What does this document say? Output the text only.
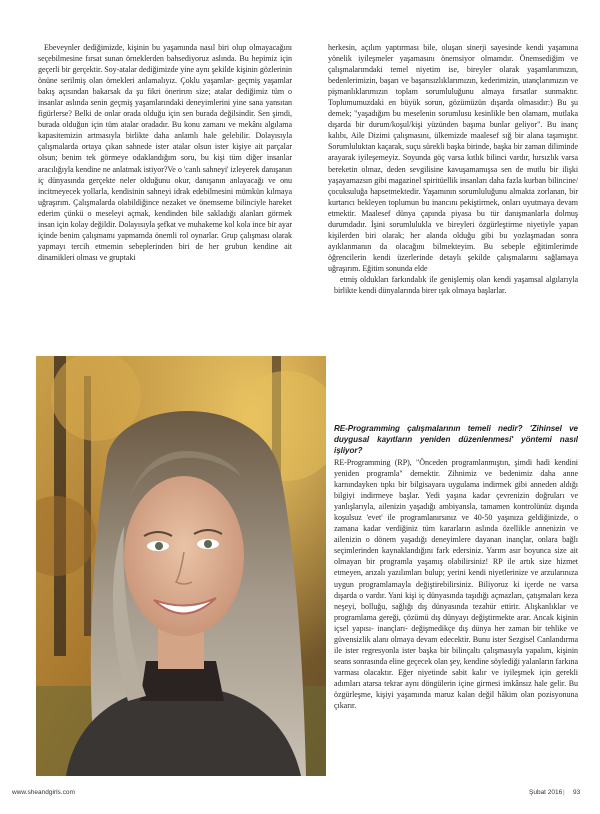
Ebeveynler dediğimizde, kişinin bu yaşamında nasıl biri olup olmayacağını seçebilmesine fırsat sunan örneklerden bahsediyoruz aslında. Bu hepimiz için geçerli bir gerçektir. Soy-atalar dediğimizde yine aynı şekilde kişinin gözlerinin önüne serilmiş olan örnekleri anlamalıyız. Çoklu yaşamlar- geçmiş yaşamlar bakış açısından bakarsak da şu fikri önerirım size; atalar dediğimiz tüm o insanlar aslında senin geçmiş yaşamlarındaki deneyimlerini yine sana yansıtan figürlerse? Belki de onlar orada olduğu için sen burada değilsindir. Sen şimdi, burada olduğun için tüm atalar oradadır. Bu konu zamanı ve mekânı algılama kapasitemizin artmasıyla birlikte daha anlamlı hale gelebilir. Dolayısıyla çalışmalarda ortaya çıkan sahnede ister atalar olsun ister kişiye ait parçalar olsun; benim tek görmeye odaklandığım soru, bu kişi tüm diğer insanlar aracılığıyla kendine ne anlatmak istiyor?Ve o 'canlı sahneyi' izleyerek danışanın iç dünyasında gerçekte neler olduğunu okur, danışanın anlayacağı ve onu incitmeyecek yollarla, kendisinin sahneyi idrak edebilmesini mümkün kılmaya uğraşırım. Çalışmalarda olabildiğince nezaket ve önemseme bilinciyle hareket ederim çünkü o meseleyi açmak, kendinden bile sakladığı alanları görmek insan için kolay değildir. Dolayısıyla şefkat ve muhakeme kol kola ince bir ayar içinde benim çalışmamı yapmamda önemli rol oynarlar. Grup çalışması olarak yapmayı tercih etmemin sebeplerinden biri de her grubun kendine ait dinamikleri olması ve gruptaki

herkesin, açılım yaptırması bile, oluşan sinerji sayesinde kendi yaşamına yönelik iyileşmeler yaşamasını önemsiyor olmamdır. Önemsediğim ve çalışmalarımdaki temel niyetim ise, bireyler olarak yaşamlarımızın, bedenlerimizin, başarı ve başarısızlıklarımızın, kederimizin, utançlarımızın ve pişmanlıklarımızın toplam sorumluluğunu almaya fırsatlar sunmaktır. Toplumumuzdaki en büyük sorun, gözümüzün dışarda olmasıdır:) Bu şu demek; "yaşadığım bu meselenin sorumlusu kesinlikle ben olamam, mutlaka dışarda bir durum/koşul/kişi yüzünden başıma bunlar geliyor". Bu inanç kalıbı, Aile Dizimi çalışmasını, ülkemizde maalesef sığ bir alana taşımıştır. Sorumluluktan kaçarak, suçu sürekli başka birinde, başka bir zaman diliminde arayarak iyileşemeyiz. Soyunda göç varsa kıtlık bilinci vardır, hırsızlık varsa bereketin olmaz, deden sevgilisine kavuşamamışsa sen de mutlu bir ilişki yaşayamazsın gibi magazinel spiritüellik insanları daha fazla kurban bilincine/çocuksuluğa hapsetmektedir. Yaşamının sorumluluğunu almakta zorlanan, bir kurtarıcı bekleyen toplumun bu inancını pekiştirmek, onları uyutmaya devam etmektir. Maalesef dünya çapında piyasa bu tür danışmanlarla dolmuş durumdadır. İşini sorumlulukla ve bireyleri özgürleştirme niyetiyle yapan kişilerden biri olarak; her alanda olduğu gibi bu yozlaşmadan sonra ayıklanmanın da olacağını bilmekteyim. Bu sebeple eğitimlerimde öğrencilerin kendi üzerlerinde detaylı şekilde çalışmalarını sağlamaya uğraşırım. Eğitim sonunda elde

etmiş oldukları farkındalık ile genişlemiş olan kendi yaşamsal algılarıyla birlikte kendi dünyalarında birer ışık olmaya başlarlar.

RE-Programming çalışmalarının temeli nedir? 'Zihinsel ve duygusal kayıtların yeniden düzenlenmesi' yöntemi nasıl işliyor?

RE-Programming (RP), "Önceden programlanmıştın, şimdi hadi kendini yeniden programla" demektir. Zihnimiz ve bedenimiz daha anne karnındayken tıpkı bir bilgisayara uygulama indirmek gibi anneden aldığı bilgiyi indirmeye başlar. Yedi yaşına kadar çevrenizin doğruları ve yanlışlarıyla, ailenizin yaşadığı ambiyansla, tamamen kontrolünüz dışında koşulsuz 'evet' ile programlanırsınız ve 40-50 yaşınıza geldiğinizde, o zamana kadar verdiğiniz tüm kararların aslında özellikle annenizin ve ailenizin o dönem yaşadığı deneyimlere dayanan inançlar, onlara bağlı seçimlerinden kaynaklandığını fark edersiniz. Yarım asır boyunca size ait olmayan bir programla yaşamış olabilirsiniz! RP ile artık size hizmet etmeyen, arızalı yazılımları bulup; yerini kendi niyetlerinize ve arzularınıza uygun programlamayla değiştirebilirsiniz. Biliyoruz ki içerde ne varsa dışarda o vardır. Yani kişi iç dünyasında taşıdığı açmazları, çatışmaları keza neşeyi, bolluğu, sağlığı dış dünyasında tezahür ettirir. Alışkanlıklar ve programlama gereği, çözümü dış dünyayı değiştirmekte arar. Ancak kişinin içsel yapısı- inançları- değişmedikçe dış dünya her zaman bir tehlike ve güvensizlik alanı olmaya devam edecektir. Bunu ister Sezgisel Canlandırma ile ister regresyonla ister başka bir bilinçaltı çalışmasıyla yapalım, kişinin seans sonrasında eline geçecek olan şey, kendine söylediği yalanların farkına varması olacaktır. Eğer niyetinde sabit kalır ve iyileşmek için gerekli adımları atarsa tekrar aynı döngülerin içine girmesi imkânsız hale gelir. Bu özgürleşme, kişiyi yaşamında maruz kalan değil hâkim olan pozisyonuna çıkarır.

www.sheandgirls.com	Şubat 2016 | 93
